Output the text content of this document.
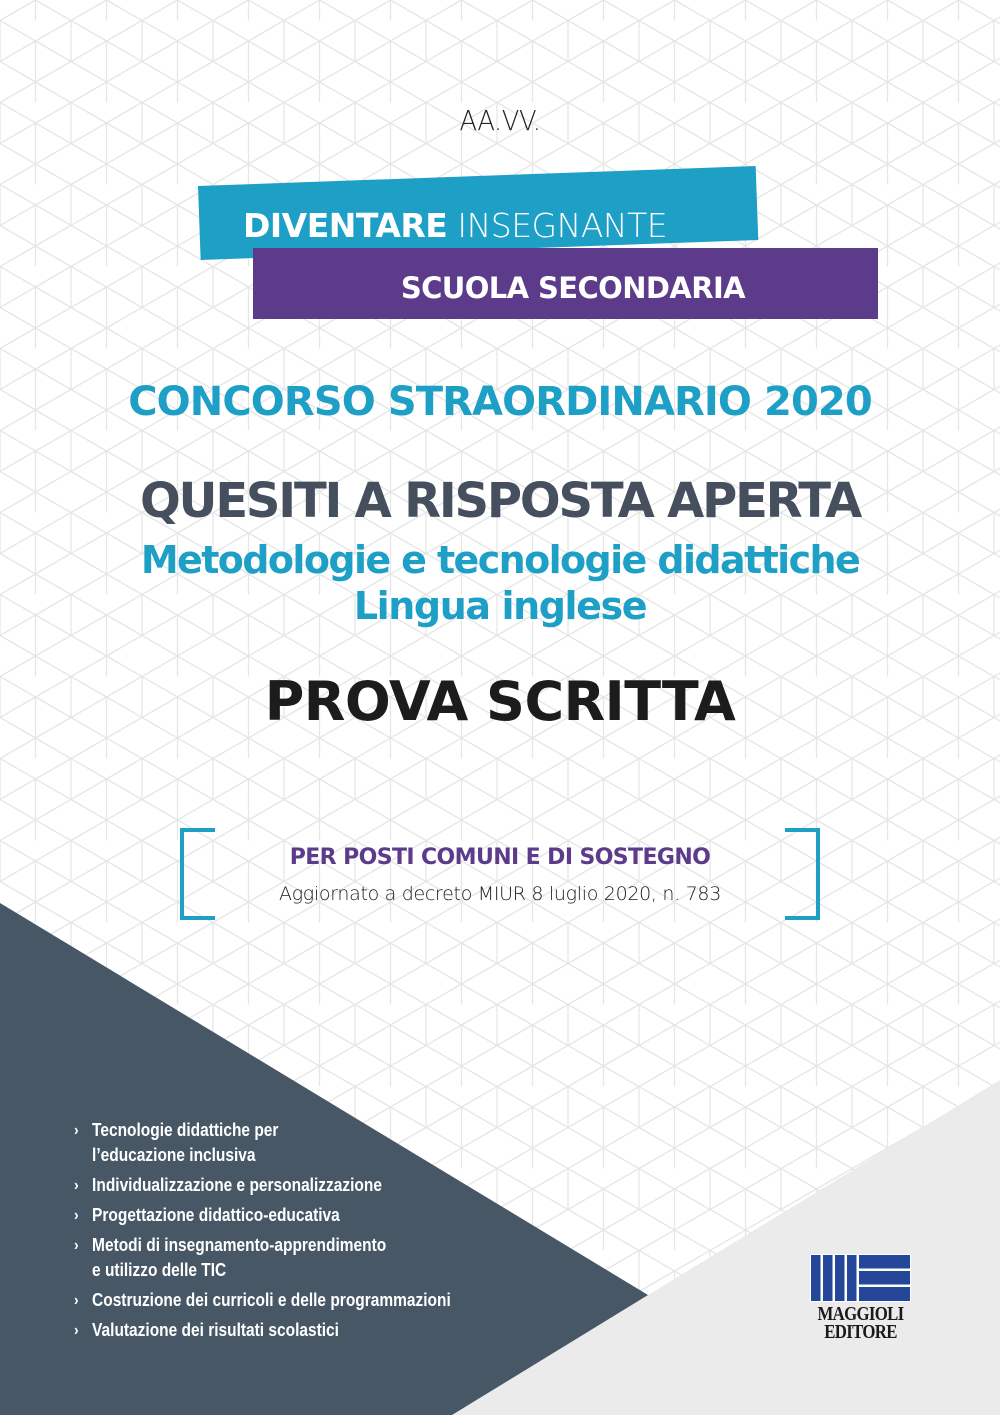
AA.VV.
DIVENTARE INSEGNANTE
SCUOLA SECONDARIA
CONCORSO STRAORDINARIO 2020
QUESITI A RISPOSTA APERTA
Metodologie e tecnologie didattiche
Lingua inglese
PROVA SCRITTA
PER POSTI COMUNI E DI SOSTEGNO
Aggiornato a decreto MIUR 8 luglio 2020, n. 783
› Tecnologie didattiche per
l’educazione inclusiva
› Individualizzazione e personalizzazione
› Progettazione didattico-educativa
› Metodi di insegnamento-apprendimento
e utilizzo delle TIC
› Costruzione dei curricoli e delle programmazioni
› Valutazione dei risultati scolastici
MAGGIOLI
EDITORE
